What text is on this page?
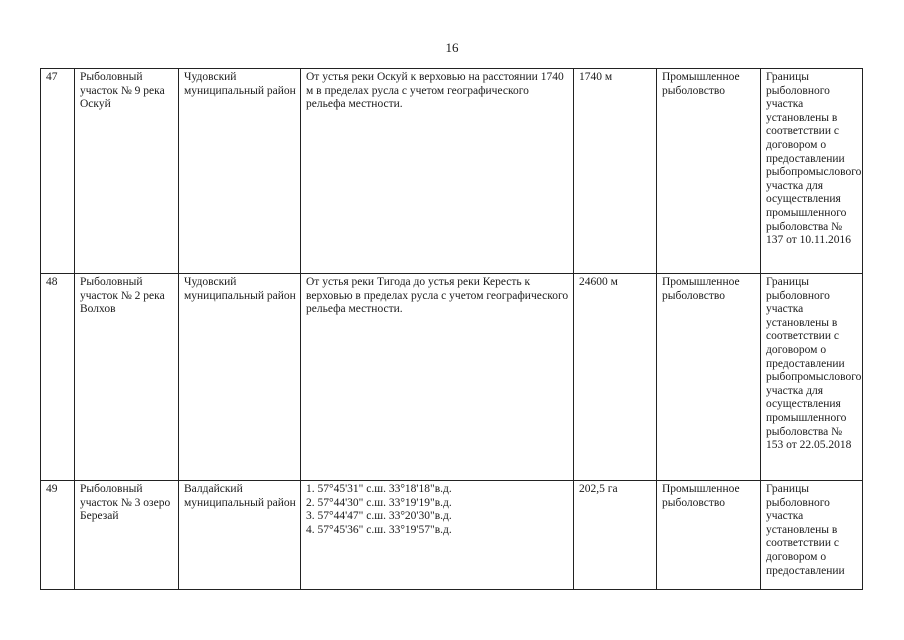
16
47	Рыболовный участок № 9 река Оскуй	Чудовский муниципальный район	От устья реки Оскуй к верховью на расстоянии 1740 м в пределах русла с учетом географического рельефа местности.	1740 м	Промышленное рыболовство	Границы рыболовного участка установлены в соответствии с договором о предоставлении рыбопромыслового участка для осуществления промышленного рыболовства № 137 от 10.11.2016
48	Рыболовный участок № 2 река Волхов	Чудовский муниципальный район	От устья реки Тигода до устья реки Кересть к верховью в пределах русла с учетом географического рельефа местности.	24600 м	Промышленное рыболовство	Границы рыболовного участка установлены в соответствии с договором о предоставлении рыбопромыслового участка для осуществления промышленного рыболовства № 153 от 22.05.2018
49	Рыболовный участок № 3 озеро Березай	Валдайский муниципальный район	1. 57°45'31" с.ш. 33°18'18"в.д.
2. 57°44'30" с.ш. 33°19'19"в.д.
3. 57°44'47" с.ш. 33°20'30"в.д.
4. 57°45'36" с.ш. 33°19'57"в.д.	202,5 га	Промышленное рыболовство	Границы рыболовного участка установлены в соответствии с договором о предоставлении
